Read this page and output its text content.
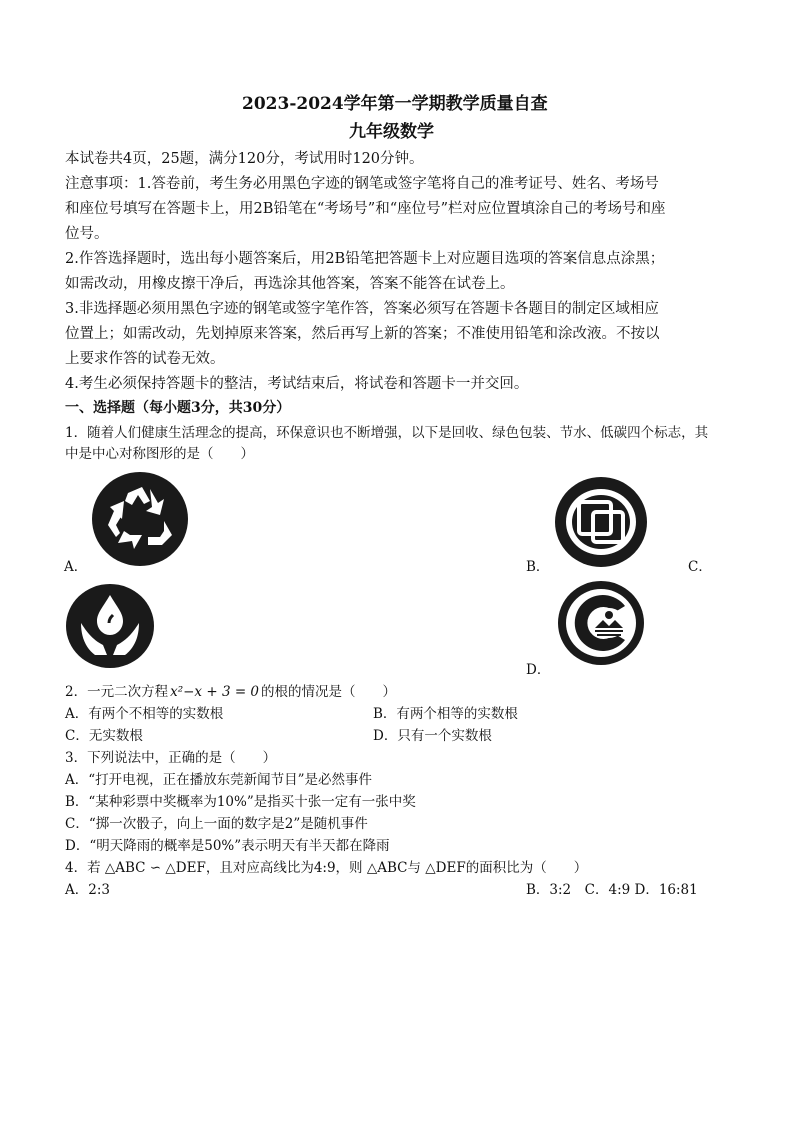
2023-2024学年第一学期教学质量自查
九年级数学
本试卷共4页，25题，满分120分，考试用时120分钟。
注意事项：1.答卷前，考生务必用黑色字迹的钢笔或签字笔将自己的准考证号、姓名、考场号
和座位号填写在答题卡上，用2B铅笔在“考场号”和“座位号”栏对应位置填涂自己的考场号和座
位号。
2.作答选择题时，选出每小题答案后，用2B铅笔把答题卡上对应题目选项的答案信息点涂黑；
如需改动，用橡皮擦干净后，再选涂其他答案，答案不能答在试卷上。
3.非选择题必须用黑色字迹的钢笔或签字笔作答，答案必须写在答题卡各题目的制定区域相应
位置上；如需改动，先划掉原来答案，然后再写上新的答案；不准使用铅笔和涂改液。不按以
上要求作答的试卷无效。
4.考生必须保持答题卡的整洁，考试结束后，将试卷和答题卡一并交回。
一、选择题（每小题3分，共30分）
1．随着人们健康生活理念的提高，环保意识也不断增强，以下是回收、绿色包装、节水、低碳四个标志，其
中是中心对称图形的是（　　）
A．	B．	C．
D．
2．一元二次方程 x²−x + 3 = 0 的根的情况是（　　）
A．有两个不相等的实数根	B．有两个相等的实数根
C．无实数根	D．只有一个实数根
3．下列说法中，正确的是（　　）
A．“打开电视，正在播放东莞新闻节目”是必然事件
B．“某种彩票中奖概率为10%”是指买十张一定有一张中奖
C．“掷一次骰子，向上一面的数字是2”是随机事件
D．“明天降雨的概率是50%”表示明天有半天都在降雨
4．若 △ABC ∽ △DEF，且对应高线比为4:9，则 △ABC与 △DEF的面积比为（　　）
A．2:3	B．3:2　C．4:9 D．16:81
